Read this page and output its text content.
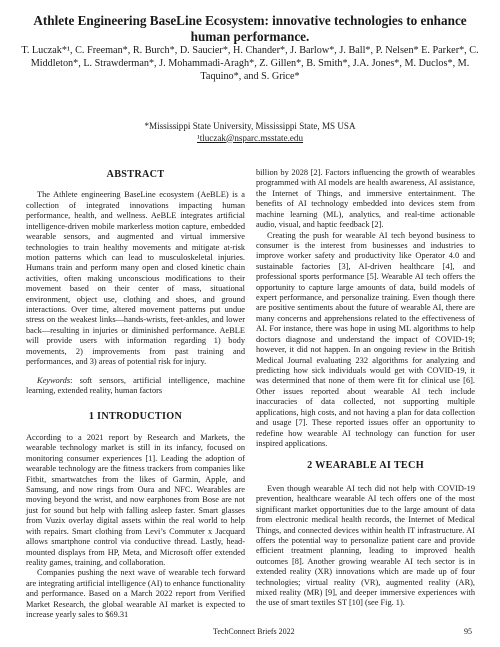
Athlete Engineering BaseLine Ecosystem: innovative technologies to enhance human performance.
T. Luczak*¹, C. Freeman*, R. Burch*, D. Saucier*, H. Chander*, J. Barlow*, J. Ball*, P. Nelsen* E. Parker*, C. Middleton*, L. Strawderman*, J. Mohammadi-Aragh*, Z. Gillen*, B. Smith*, J.A. Jones*, M. Duclos*, M. Taquino*, and S. Grice*
*Mississippi State University, Mississippi State, MS USA
¹tluczak@nsparc.msstate.edu
ABSTRACT

The Athlete engineering BaseLine ecosystem (AeBLE) is a collection of integrated innovations impacting human performance, health, and wellness. AeBLE integrates artificial intelligence-driven mobile markerless motion capture, embedded wearable sensors, and augmented and virtual immersive technologies to train healthy movements and mitigate at-risk motion patterns which can lead to musculoskeletal injuries. Humans train and perform many open and closed kinetic chain activities, often making unconscious modifications to their movement based on their center of mass, situational environment, object use, clothing and shoes, and ground interactions. Over time, altered movement patterns put undue stress on the weakest links—hands-wrists, feet-ankles, and lower back—resulting in injuries or diminished performance. AeBLE will provide users with information regarding 1) body movements, 2) improvements from past training and performances, and 3) areas of potential risk for injury.

Keywords: soft sensors, artificial intelligence, machine learning, extended reality, human factors

1 INTRODUCTION

According to a 2021 report by Research and Markets, the wearable technology market is still in its infancy, focused on monitoring consumer experiences [1]. Leading the adoption of wearable technology are the fitness trackers from companies like Fitbit, smartwatches from the likes of Garmin, Apple, and Samsung, and now rings from Oura and NFC. Wearables are moving beyond the wrist, and now earphones from Bose are not just for sound but help with falling asleep faster. Smart glasses from Vuzix overlay digital assets within the real world to help with repairs. Smart clothing from Levi’s Commuter x Jacquard allows smartphone control via conductive thread. Lastly, head-mounted displays from HP, Meta, and Microsoft offer extended reality games, training, and collaboration.

Companies pushing the next wave of wearable tech forward are integrating artificial intelligence (AI) to enhance functionality and performance. Based on a March 2022 report from Verified Market Research, the global wearable AI market is expected to increase yearly sales to $69.31

billion by 2028 [2]. Factors influencing the growth of wearables programmed with AI models are health awareness, AI assistance, the Internet of Things, and immersive entertainment. The benefits of AI technology embedded into devices stem from machine learning (ML), analytics, and real-time actionable audio, visual, and haptic feedback [2].

Creating the push for wearable AI tech beyond business to consumer is the interest from businesses and industries to improve worker safety and productivity like Operator 4.0 and sustainable factories [3], AI-driven healthcare [4], and professional sports performance [5]. Wearable AI tech offers the opportunity to capture large amounts of data, build models of expert performance, and personalize training. Even though there are positive sentiments about the future of wearable AI, there are many concerns and apprehensions related to the effectiveness of AI. For instance, there was hope in using ML algorithms to help doctors diagnose and understand the impact of COVID-19; however, it did not happen. In an ongoing review in the British Medical Journal evaluating 232 algorithms for analyzing and predicting how sick individuals would get with COVID-19, it was determined that none of them were fit for clinical use [6]. Other issues reported about wearable AI tech include inaccuracies of data collected, not supporting multiple applications, high costs, and not having a plan for data collection and usage [7]. These reported issues offer an opportunity to redefine how wearable AI technology can function for user inspired applications.

2 WEARABLE AI TECH

Even though wearable AI tech did not help with COVID-19 prevention, healthcare wearable AI tech offers one of the most significant market opportunities due to the large amount of data from electronic medical health records, the Internet of Medical Things, and connected devices within health IT infrastructure. AI offers the potential way to personalize patient care and provide efficient treatment planning, leading to improved health outcomes [8]. Another growing wearable AI tech sector is in extended reality (XR) innovations which are made up of four technologies; virtual reality (VR), augmented reality (AR), mixed reality (MR) [9], and deeper immersive experiences with the use of smart textiles ST [10] (see Fig. 1).

TechConnect Briefs 2022	95
